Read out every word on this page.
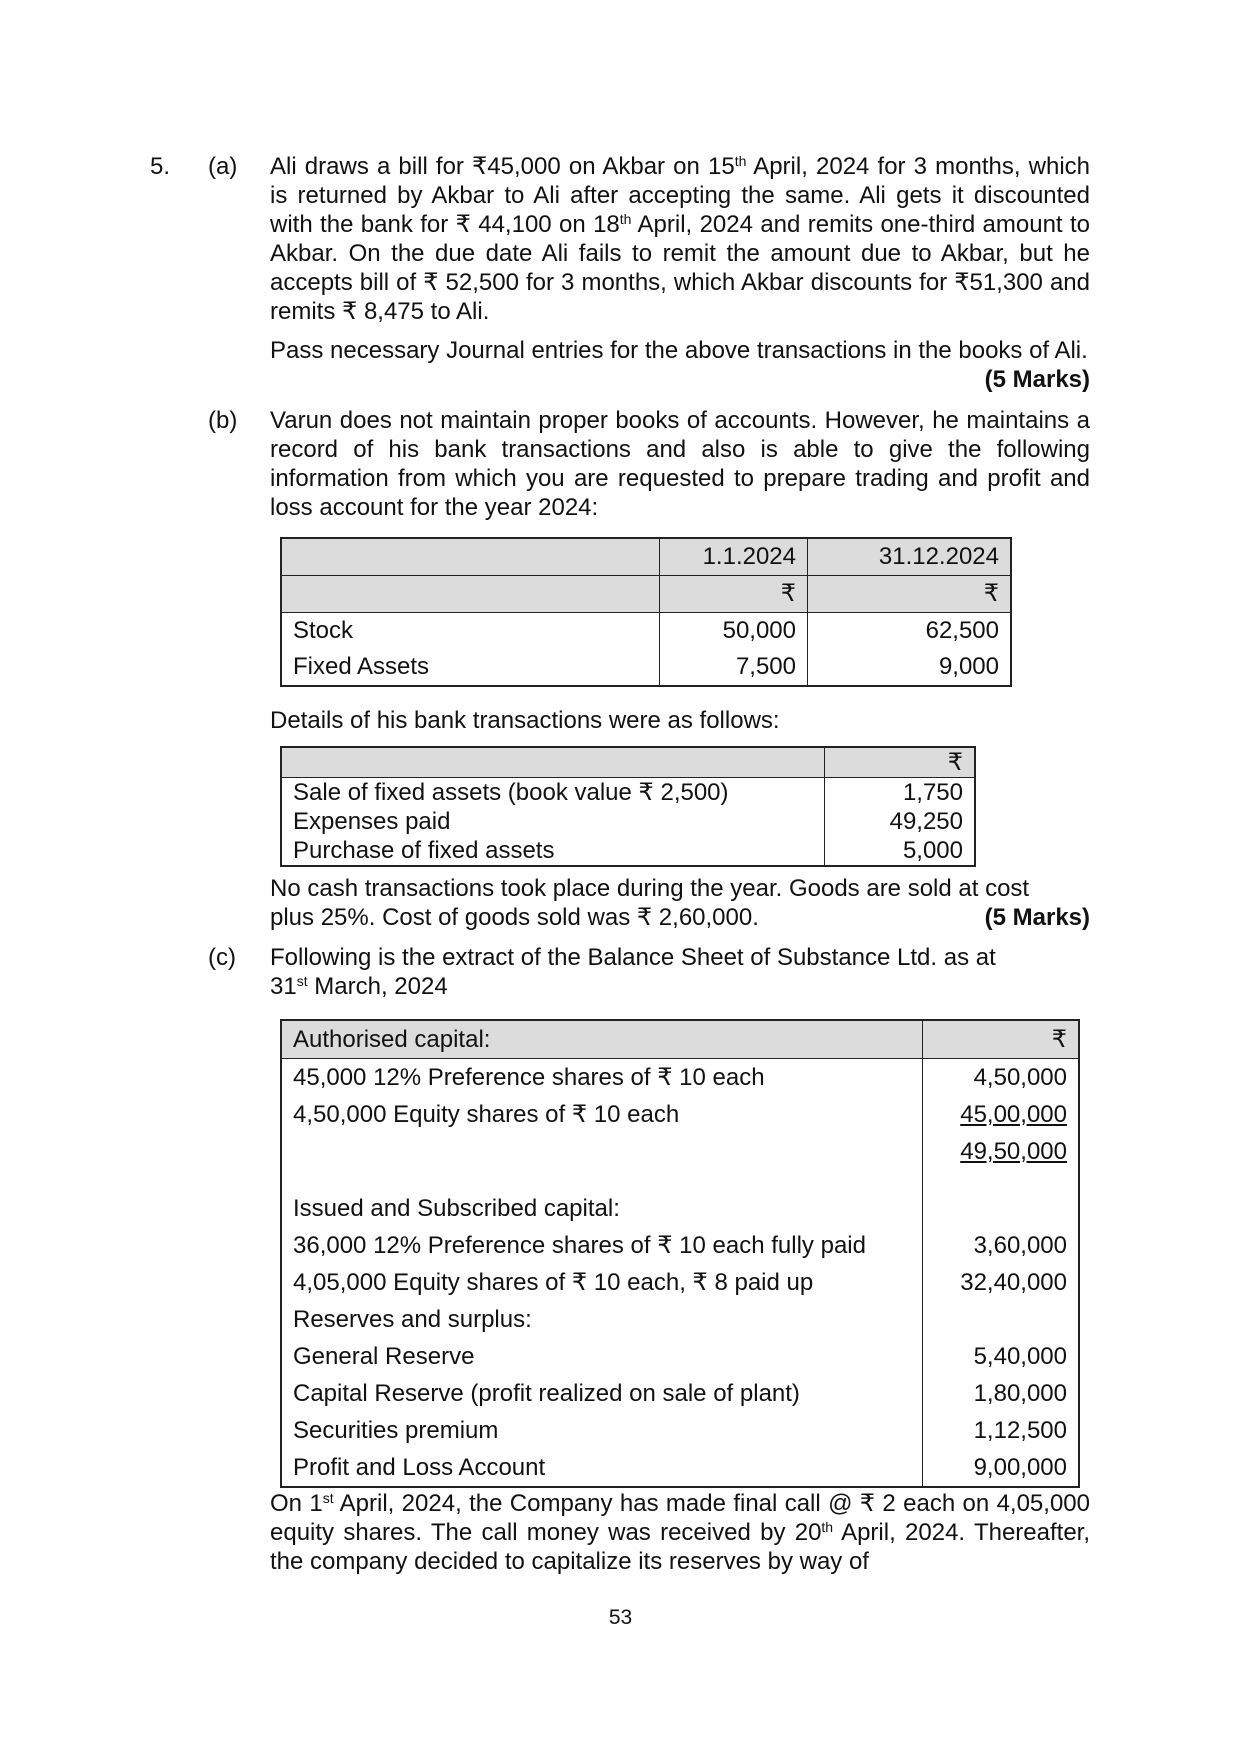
5. (a) Ali draws a bill for ₹45,000 on Akbar on 15th April, 2024 for 3 months, which is returned by Akbar to Ali after accepting the same. Ali gets it discounted with the bank for ₹ 44,100 on 18th April, 2024 and remits one-third amount to Akbar. On the due date Ali fails to remit the amount due to Akbar, but he accepts bill of ₹ 52,500 for 3 months, which Akbar discounts for ₹51,300 and remits ₹ 8,475 to Ali.

Pass necessary Journal entries for the above transactions in the books of Ali.
(5 Marks)

(b) Varun does not maintain proper books of accounts. However, he maintains a record of his bank transactions and also is able to give the following information from which you are requested to prepare trading and profit and loss account for the year 2024:

	1.1.2024	31.12.2024
	₹	₹
Stock	50,000	62,500
Fixed Assets	7,500	9,000

Details of his bank transactions were as follows:

	₹
Sale of fixed assets (book value ₹ 2,500)	1,750
Expenses paid	49,250
Purchase of fixed assets	5,000

No cash transactions took place during the year. Goods are sold at cost

plus 25%. Cost of goods sold was ₹ 2,60,000.	(5 Marks)
(c) Following is the extract of the Balance Sheet of Substance Ltd. as at

31st March, 2024

Authorised capital:	₹
45,000 12% Preference shares of ₹ 10 each	4,50,000
4,50,000 Equity shares of ₹ 10 each	45,00,000
	49,50,000
Issued and Subscribed capital:	
36,000 12% Preference shares of ₹ 10 each fully paid	3,60,000
4,05,000 Equity shares of ₹ 10 each, ₹ 8 paid up	32,40,000
Reserves and surplus:	
General Reserve	5,40,000
Capital Reserve (profit realized on sale of plant)	1,80,000
Securities premium	1,12,500
Profit and Loss Account	9,00,000

On 1st April, 2024, the Company has made final call @ ₹ 2 each on 4,05,000 equity shares. The call money was received by 20th April, 2024. Thereafter, the company decided to capitalize its reserves by way of

53
